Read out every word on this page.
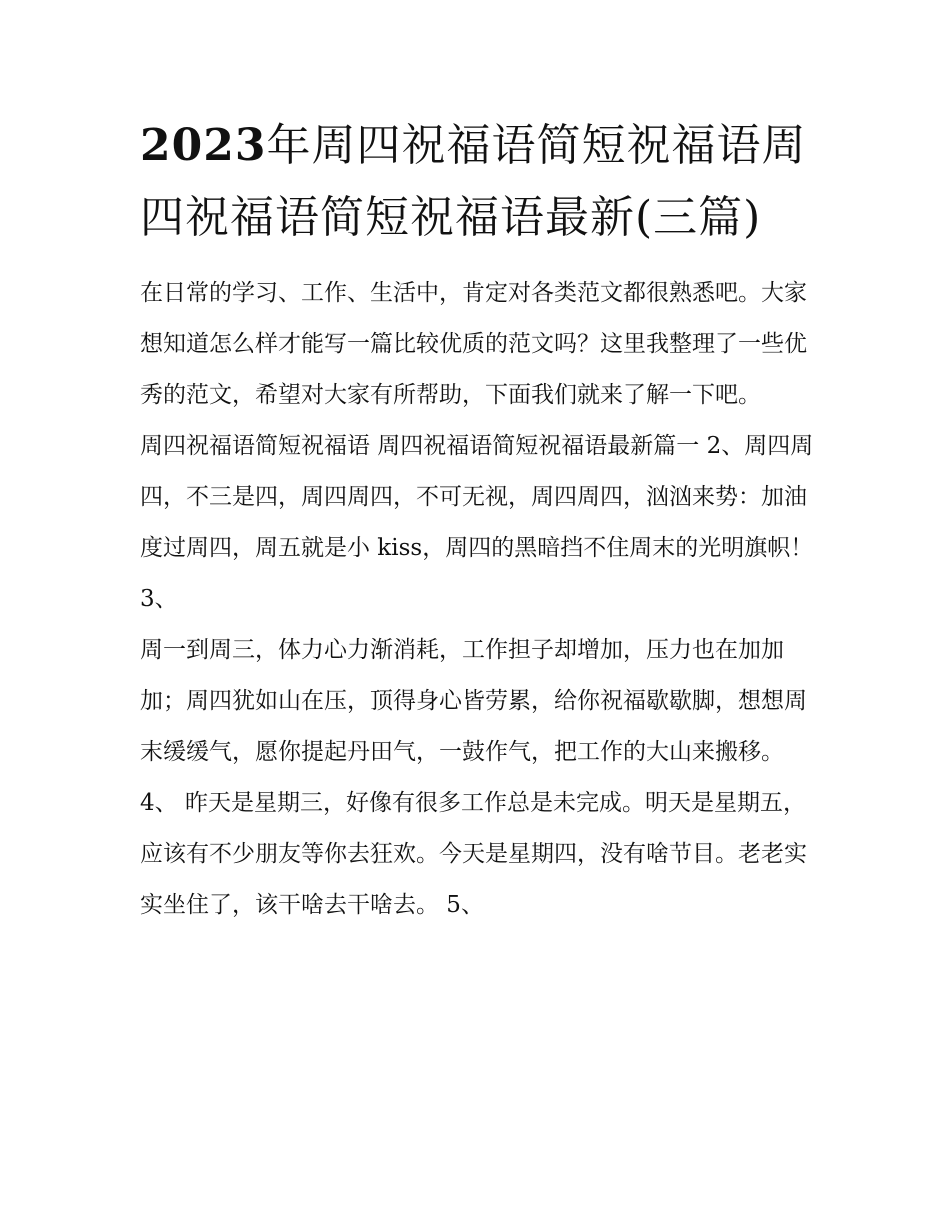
2023年周四祝福语简短祝福语周四祝福语简短祝福语最新(三篇)

在日常的学习、工作、生活中，肯定对各类范文都很熟悉吧。大家想知道怎么样才能写一篇比较优质的范文吗？这里我整理了一些优秀的范文，希望对大家有所帮助，下面我们就来了解一下吧。

周四祝福语简短祝福语 周四祝福语简短祝福语最新篇一 2、周四周四，不三是四，周四周四，不可无视，周四周四，汹汹来势：加油度过周四，周五就是小 kiss，周四的黑暗挡不住周末的光明旗帜！ 3、

周一到周三，体力心力渐消耗，工作担子却增加，压力也在加加加；周四犹如山在压，顶得身心皆劳累，给你祝福歇歇脚，想想周末缓缓气，愿你提起丹田气，一鼓作气，把工作的大山来搬移。

4、 昨天是星期三，好像有很多工作总是未完成。明天是星期五，应该有不少朋友等你去狂欢。今天是星期四，没有啥节目。老老实实坐住了，该干啥去干啥去。 5、
